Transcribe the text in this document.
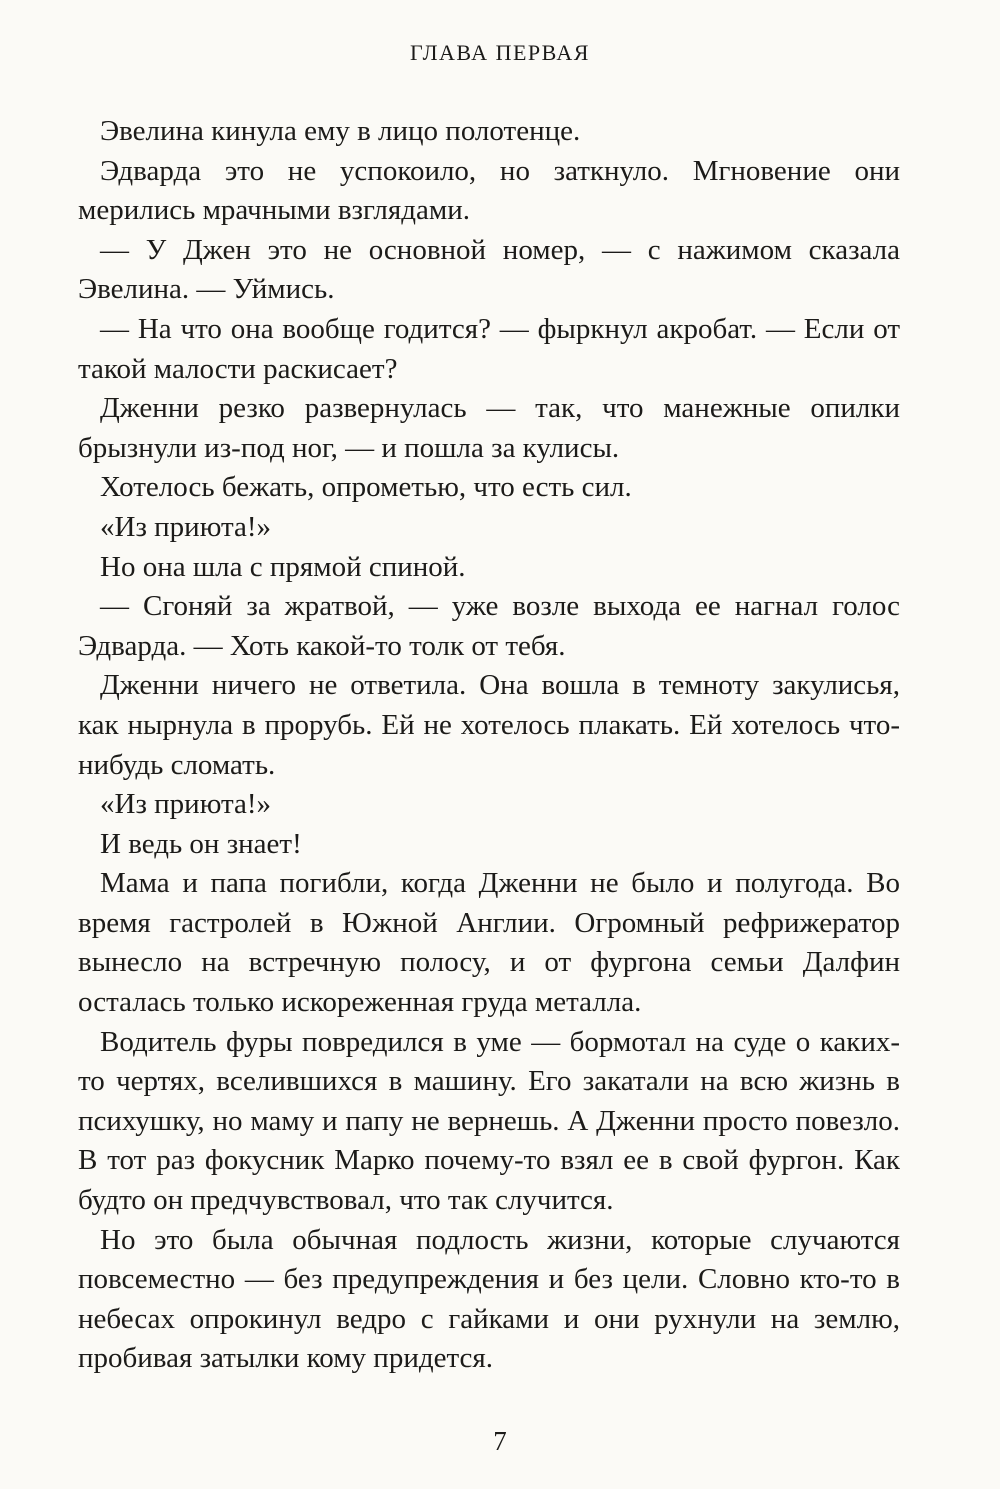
ГЛАВА ПЕРВАЯ

Эвелина кинула ему в лицо полотенце.

Эдварда это не успокоило, но заткнуло. Мгновение они мерились мрачными взглядами.

— У Джен это не основной номер, — с нажимом сказала Эвелина. — Уймись.

— На что она вообще годится? — фыркнул акробат. — Если от такой малости раскисает?

Дженни резко развернулась — так, что манежные опилки брызнули из-под ног, — и пошла за кулисы.

Хотелось бежать, опрометью, что есть сил.

«Из приюта!»

Но она шла с прямой спиной.

— Сгоняй за жратвой, — уже возле выхода ее нагнал голос Эдварда. — Хоть какой-то толк от тебя.

Дженни ничего не ответила. Она вошла в темноту закулисья, как нырнула в прорубь. Ей не хотелось плакать. Ей хотелось что-нибудь сломать.

«Из приюта!»

И ведь он знает!

Мама и папа погибли, когда Дженни не было и полугода. Во время гастролей в Южной Англии. Огромный рефрижератор вынесло на встречную полосу, и от фургона семьи Далфин осталась только искореженная груда металла.

Водитель фуры повредился в уме — бормотал на суде о каких-то чертях, вселившихся в машину. Его закатали на всю жизнь в психушку, но маму и папу не вернешь. А Дженни просто повезло. В тот раз фокусник Марко почему-то взял ее в свой фургон. Как будто он предчувствовал, что так случится.

Но это была обычная подлость жизни, которые случаются повсеместно — без предупреждения и без цели. Словно кто-то в небесах опрокинул ведро с гайками и они рухнули на землю, пробивая затылки кому придется.

7
